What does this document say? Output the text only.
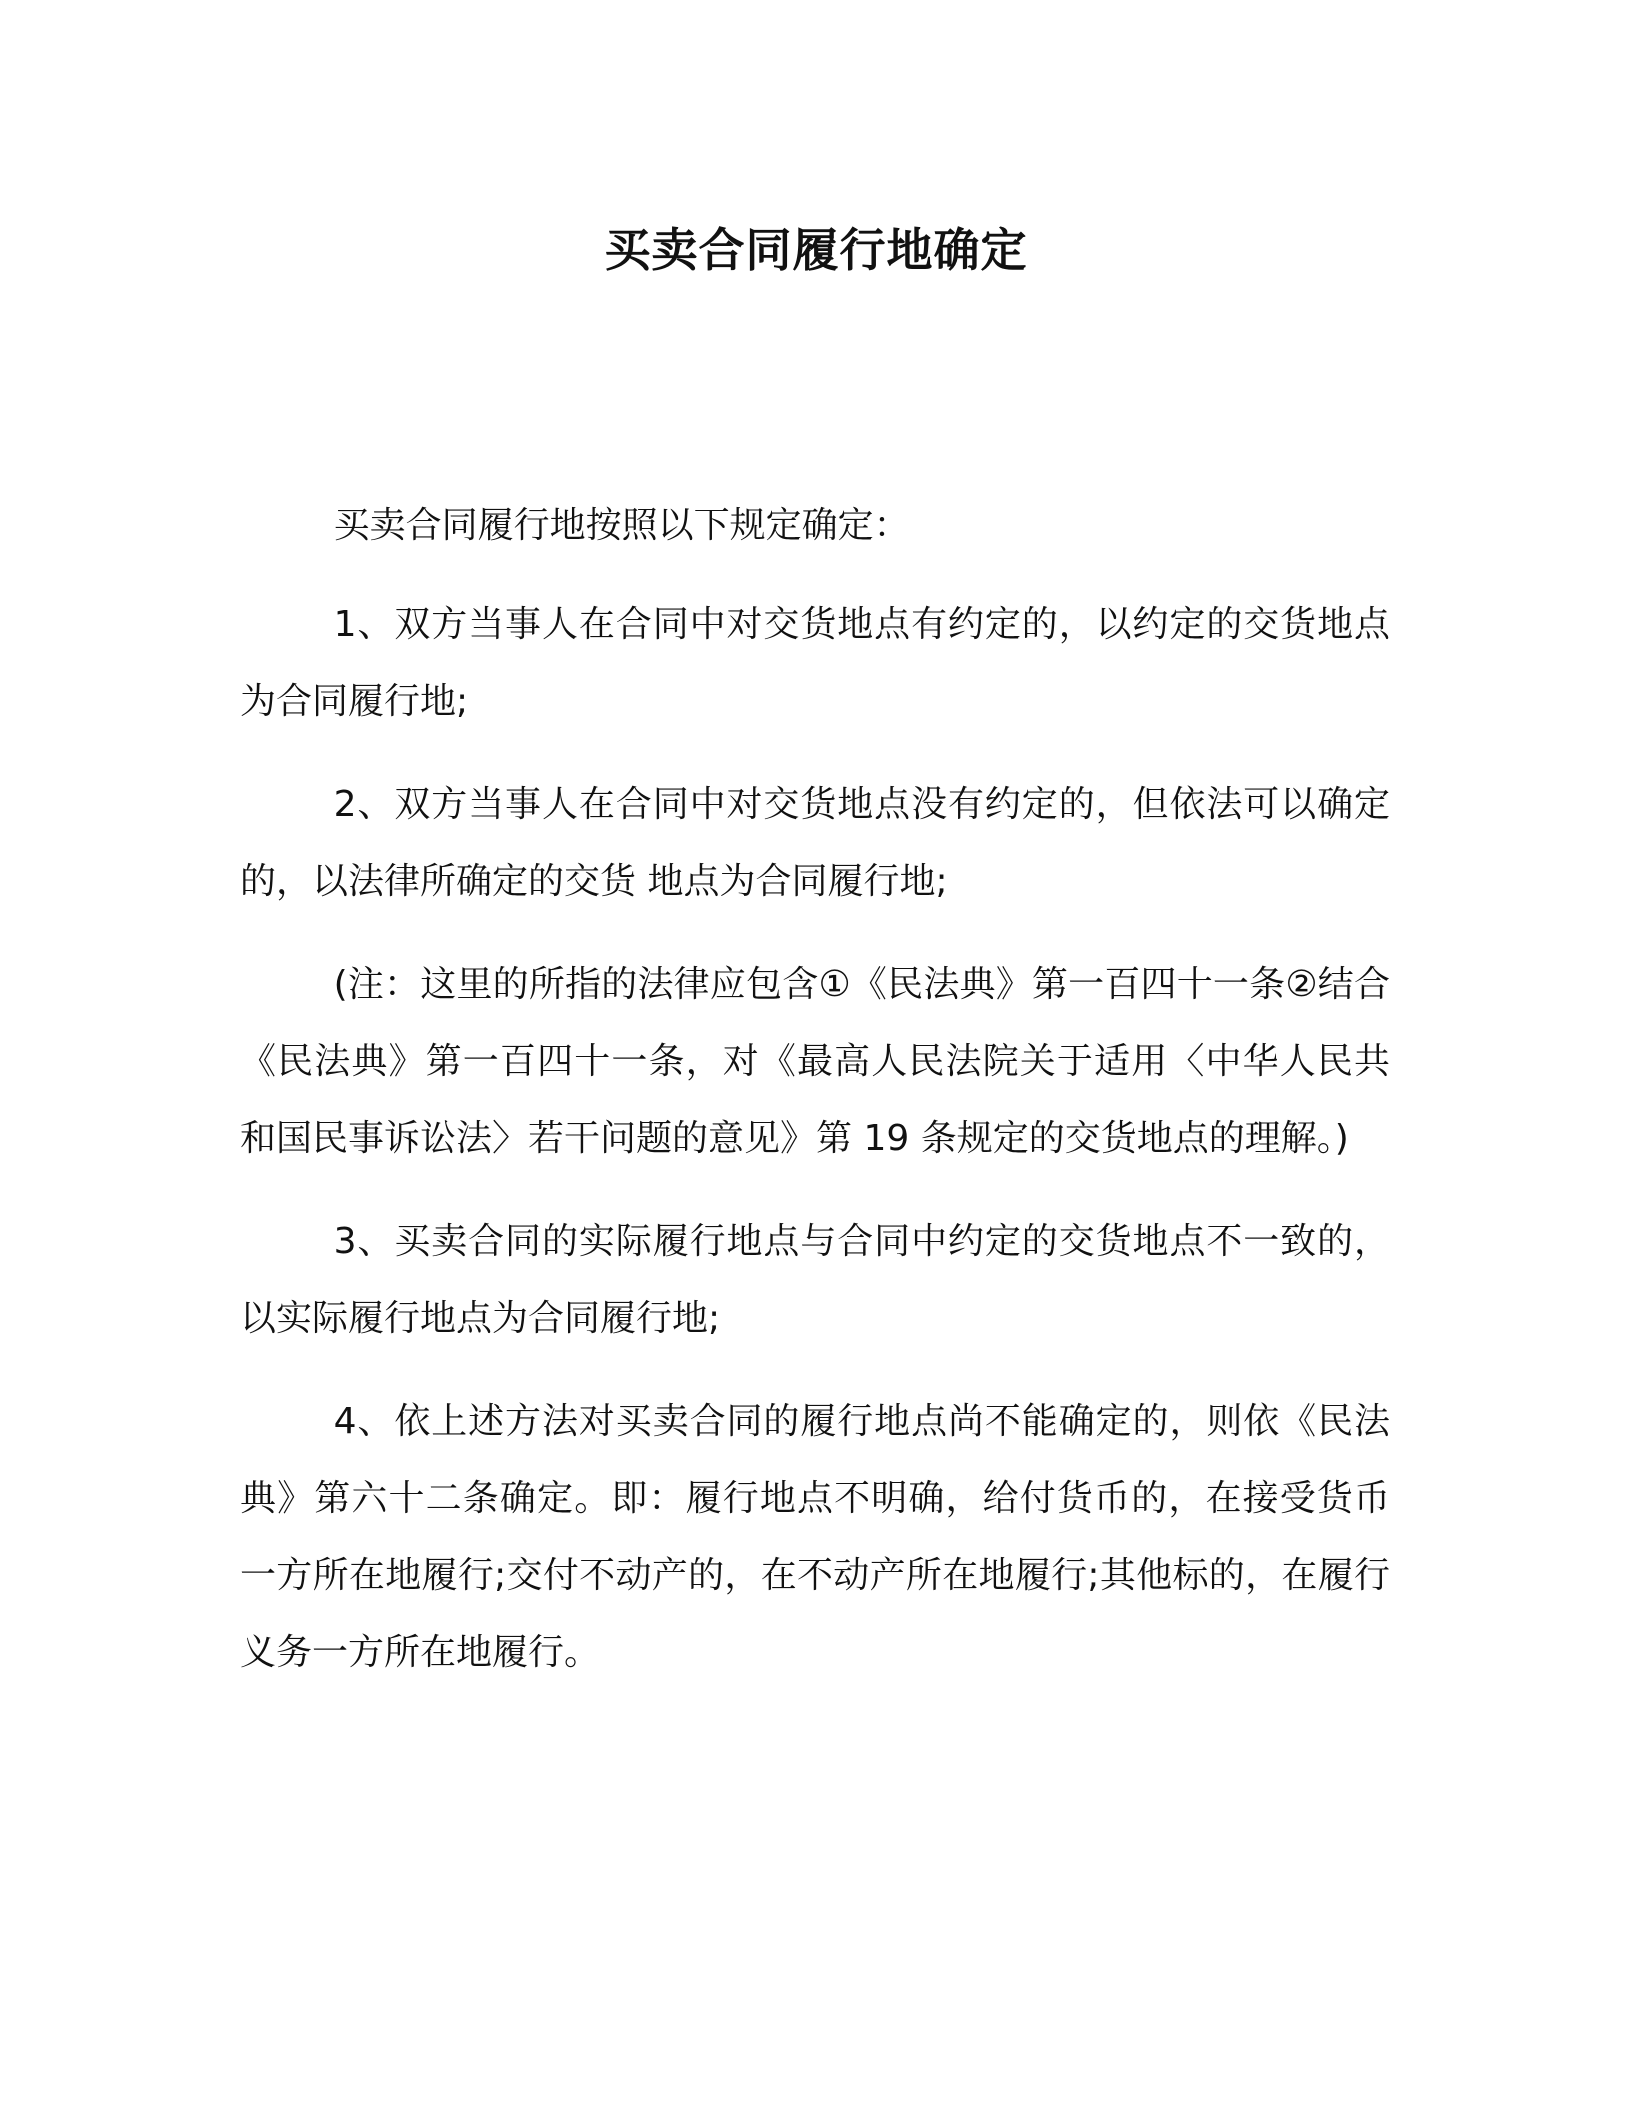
买卖合同履行地确定

买卖合同履行地按照以下规定确定：

1、双方当事人在合同中对交货地点有约定的，以约定的交货地点为合同履行地;

2、双方当事人在合同中对交货地点没有约定的，但依法可以确定的，以法律所确定的交货 地点为合同履行地;

(注：这里的所指的法律应包含①《民法典》第一百四十一条②结合《民法典》第一百四十一条，对《最高人民法院关于适用〈中华人民共和国民事诉讼法〉若干问题的意见》第 19 条规定的交货地点的理解。)

3、买卖合同的实际履行地点与合同中约定的交货地点不一致的，以实际履行地点为合同履行地;

4、依上述方法对买卖合同的履行地点尚不能确定的，则依《民法典》第六十二条确定。即：履行地点不明确，给付货币的，在接受货币一方所在地履行;交付不动产的，在不动产所在地履行;其他标的，在履行义务一方所在地履行。
